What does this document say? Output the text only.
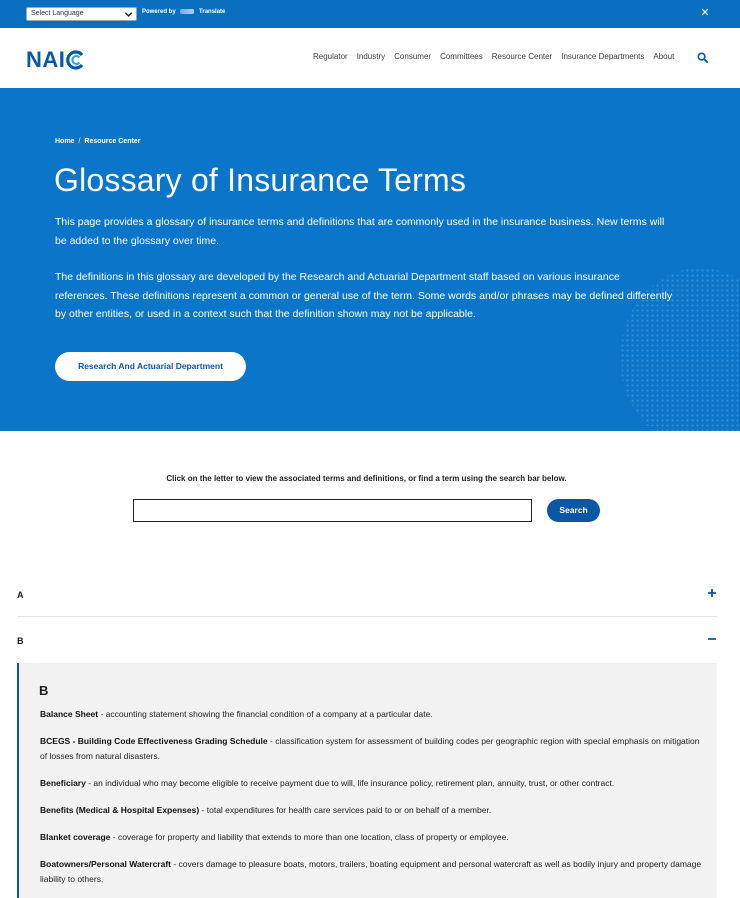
Select Language	Powered by	Translate	✕
NAI	Regulator Industry Consumer Committees Resource Center Insurance Departments About
Home / Resource Center
Glossary of Insurance Terms

This page provides a glossary of insurance terms and definitions that are commonly used in the insurance business. New terms will be added to the glossary over time.

The definitions in this glossary are developed by the Research and Actuarial Department staff based on various insurance references. These definitions represent a common or general use of the term. Some words and/or phrases may be defined differently by other entities, or used in a context such that the definition shown may not be applicable.

Research And Actuarial Department
Click on the letter to view the associated terms and definitions, or find a term using the search bar below.
Search
A
B
B

Balance Sheet - accounting statement showing the financial condition of a company at a particular date.

BCEGS - Building Code Effectiveness Grading Schedule - classification system for assessment of building codes per geographic region with special emphasis on mitigation of losses from natural disasters.

Beneficiary - an individual who may become eligible to receive payment due to will, life insurance policy, retirement plan, annuity, trust, or other contract.

Benefits (Medical & Hospital Expenses) - total expenditures for health care services paid to or on behalf of a member.

Blanket coverage - coverage for property and liability that extends to more than one location, class of property or employee.

Boatowners/Personal Watercraft - covers damage to pleasure boats, motors, trailers, boating equipment and personal watercraft as well as bodily injury and property damage liability to others.
